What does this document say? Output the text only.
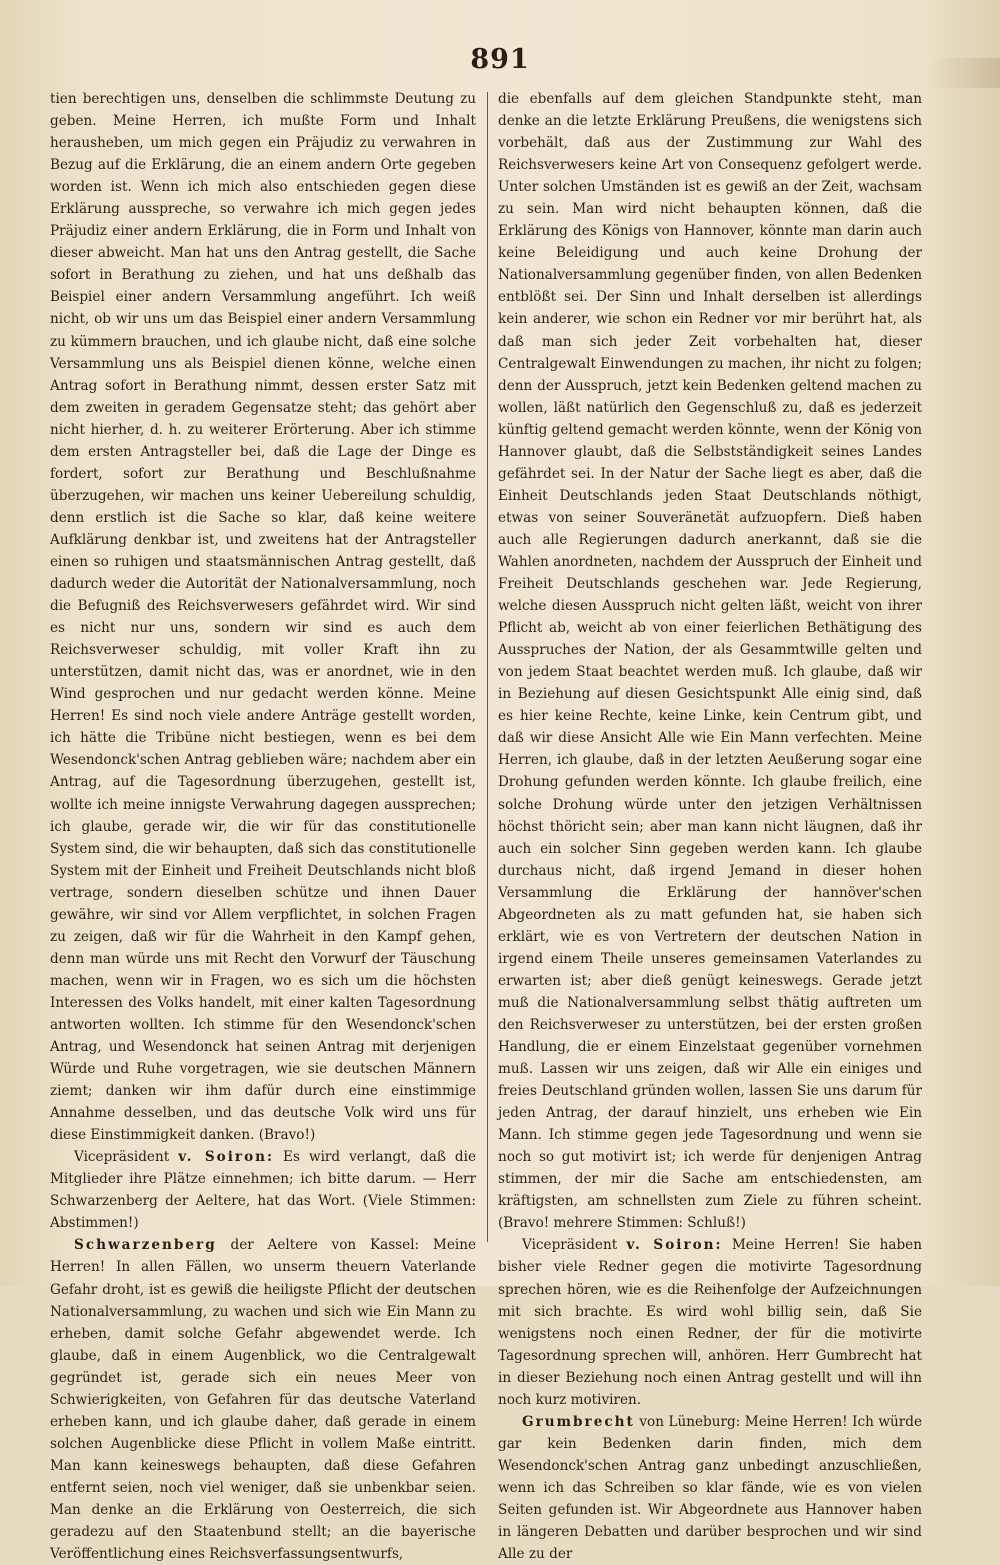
891

tien berechtigen uns, denselben die schlimmste Deutung zu geben. Meine Herren, ich mußte Form und Inhalt herausheben, um mich gegen ein Präjudiz zu verwahren in Bezug auf die Erklärung, die an einem andern Orte gegeben worden ist. Wenn ich mich also entschieden gegen diese Erklärung ausspreche, so verwahre ich mich gegen jedes Präjudiz einer andern Erklärung, die in Form und Inhalt von dieser abweicht. Man hat uns den Antrag gestellt, die Sache sofort in Berathung zu ziehen, und hat uns deßhalb das Beispiel einer andern Versammlung angeführt. Ich weiß nicht, ob wir uns um das Beispiel einer andern Versammlung zu kümmern brauchen, und ich glaube nicht, daß eine solche Versammlung uns als Beispiel dienen könne, welche einen Antrag sofort in Berathung nimmt, dessen erster Satz mit dem zweiten in geradem Gegensatze steht; das gehört aber nicht hierher, d. h. zu weiterer Erörterung. Aber ich stimme dem ersten Antragsteller bei, daß die Lage der Dinge es fordert, sofort zur Berathung und Beschlußnahme überzugehen, wir machen uns keiner Uebereilung schuldig, denn erstlich ist die Sache so klar, daß keine weitere Aufklärung denkbar ist, und zweitens hat der Antragsteller einen so ruhigen und staatsmännischen Antrag gestellt, daß dadurch weder die Autorität der Nationalversammlung, noch die Befugniß des Reichsverwesers gefährdet wird. Wir sind es nicht nur uns, sondern wir sind es auch dem Reichsverweser schuldig, mit voller Kraft ihn zu unterstützen, damit nicht das, was er anordnet, wie in den Wind gesprochen und nur gedacht werden könne. Meine Herren! Es sind noch viele andere Anträge gestellt worden, ich hätte die Tribüne nicht bestiegen, wenn es bei dem Wesendonck'schen Antrag geblieben wäre; nachdem aber ein Antrag, auf die Tagesordnung überzugehen, gestellt ist, wollte ich meine innigste Verwahrung dagegen aussprechen; ich glaube, gerade wir, die wir für das constitutionelle System sind, die wir behaupten, daß sich das constitutionelle System mit der Einheit und Freiheit Deutschlands nicht bloß vertrage, sondern dieselben schütze und ihnen Dauer gewähre, wir sind vor Allem verpflichtet, in solchen Fragen zu zeigen, daß wir für die Wahrheit in den Kampf gehen, denn man würde uns mit Recht den Vorwurf der Täuschung machen, wenn wir in Fragen, wo es sich um die höchsten Interessen des Volks handelt, mit einer kalten Tagesordnung antworten wollten. Ich stimme für den Wesendonck'schen Antrag, und Wesendonck hat seinen Antrag mit derjenigen Würde und Ruhe vorgetragen, wie sie deutschen Männern ziemt; danken wir ihm dafür durch eine einstimmige Annahme desselben, und das deutsche Volk wird uns für diese Einstimmigkeit danken. (Bravo!)

Vicepräsident v. Soiron: Es wird verlangt, daß die Mitglieder ihre Plätze einnehmen; ich bitte darum. — Herr Schwarzenberg der Aeltere, hat das Wort. (Viele Stimmen: Abstimmen!)

Schwarzenberg der Aeltere von Kassel: Meine Herren! In allen Fällen, wo unserm theuern Vaterlande Gefahr droht, ist es gewiß die heiligste Pflicht der deutschen Nationalversammlung, zu wachen und sich wie Ein Mann zu erheben, damit solche Gefahr abgewendet werde. Ich glaube, daß in einem Augenblick, wo die Centralgewalt gegründet ist, gerade sich ein neues Meer von Schwierigkeiten, von Gefahren für das deutsche Vaterland erheben kann, und ich glaube daher, daß gerade in einem solchen Augenblicke diese Pflicht in vollem Maße eintritt. Man kann keineswegs behaupten, daß diese Gefahren entfernt seien, noch viel weniger, daß sie unbenkbar seien. Man denke an die Erklärung von Oesterreich, die sich geradezu auf den Staatenbund stellt; an die bayerische Veröffentlichung eines Reichsverfassungsentwurfs,

die ebenfalls auf dem gleichen Standpunkte steht, man denke an die letzte Erklärung Preußens, die wenigstens sich vorbehält, daß aus der Zustimmung zur Wahl des Reichsverwesers keine Art von Consequenz gefolgert werde. Unter solchen Umständen ist es gewiß an der Zeit, wachsam zu sein. Man wird nicht behaupten können, daß die Erklärung des Königs von Hannover, könnte man darin auch keine Beleidigung und auch keine Drohung der Nationalversammlung gegenüber finden, von allen Bedenken entblößt sei. Der Sinn und Inhalt derselben ist allerdings kein anderer, wie schon ein Redner vor mir berührt hat, als daß man sich jeder Zeit vorbehalten hat, dieser Centralgewalt Einwendungen zu machen, ihr nicht zu folgen; denn der Ausspruch, jetzt kein Bedenken geltend machen zu wollen, läßt natürlich den Gegenschluß zu, daß es jederzeit künftig geltend gemacht werden könnte, wenn der König von Hannover glaubt, daß die Selbstständigkeit seines Landes gefährdet sei. In der Natur der Sache liegt es aber, daß die Einheit Deutschlands jeden Staat Deutschlands nöthigt, etwas von seiner Souveränetät aufzuopfern. Dieß haben auch alle Regierungen dadurch anerkannt, daß sie die Wahlen anordneten, nachdem der Ausspruch der Einheit und Freiheit Deutschlands geschehen war. Jede Regierung, welche diesen Ausspruch nicht gelten läßt, weicht von ihrer Pflicht ab, weicht ab von einer feierlichen Bethätigung des Ausspruches der Nation, der als Gesammtwille gelten und von jedem Staat beachtet werden muß. Ich glaube, daß wir in Beziehung auf diesen Gesichtspunkt Alle einig sind, daß es hier keine Rechte, keine Linke, kein Centrum gibt, und daß wir diese Ansicht Alle wie Ein Mann verfechten. Meine Herren, ich glaube, daß in der letzten Aeußerung sogar eine Drohung gefunden werden könnte. Ich glaube freilich, eine solche Drohung würde unter den jetzigen Verhältnissen höchst thöricht sein; aber man kann nicht läugnen, daß ihr auch ein solcher Sinn gegeben werden kann. Ich glaube durchaus nicht, daß irgend Jemand in dieser hohen Versammlung die Erklärung der hannöver'schen Abgeordneten als zu matt gefunden hat, sie haben sich erklärt, wie es von Vertretern der deutschen Nation in irgend einem Theile unseres gemeinsamen Vaterlandes zu erwarten ist; aber dieß genügt keineswegs. Gerade jetzt muß die Nationalversammlung selbst thätig auftreten um den Reichsverweser zu unterstützen, bei der ersten großen Handlung, die er einem Einzelstaat gegenüber vornehmen muß. Lassen wir uns zeigen, daß wir Alle ein einiges und freies Deutschland gründen wollen, lassen Sie uns darum für jeden Antrag, der darauf hinzielt, uns erheben wie Ein Mann. Ich stimme gegen jede Tagesordnung und wenn sie noch so gut motivirt ist; ich werde für denjenigen Antrag stimmen, der mir die Sache am entschiedensten, am kräftigsten, am schnellsten zum Ziele zu führen scheint. (Bravo! mehrere Stimmen: Schluß!)

Vicepräsident v. Soiron: Meine Herren! Sie haben bisher viele Redner gegen die motivirte Tagesordnung sprechen hören, wie es die Reihenfolge der Aufzeichnungen mit sich brachte. Es wird wohl billig sein, daß Sie wenigstens noch einen Redner, der für die motivirte Tagesordnung sprechen will, anhören. Herr Gumbrecht hat in dieser Beziehung noch einen Antrag gestellt und will ihn noch kurz motiviren.

Grumbrecht von Lüneburg: Meine Herren! Ich würde gar kein Bedenken darin finden, mich dem Wesendonck'schen Antrag ganz unbedingt anzuschließen, wenn ich das Schreiben so klar fände, wie es von vielen Seiten gefunden ist. Wir Abgeordnete aus Hannover haben in längeren Debatten und darüber besprochen und wir sind Alle zu der
